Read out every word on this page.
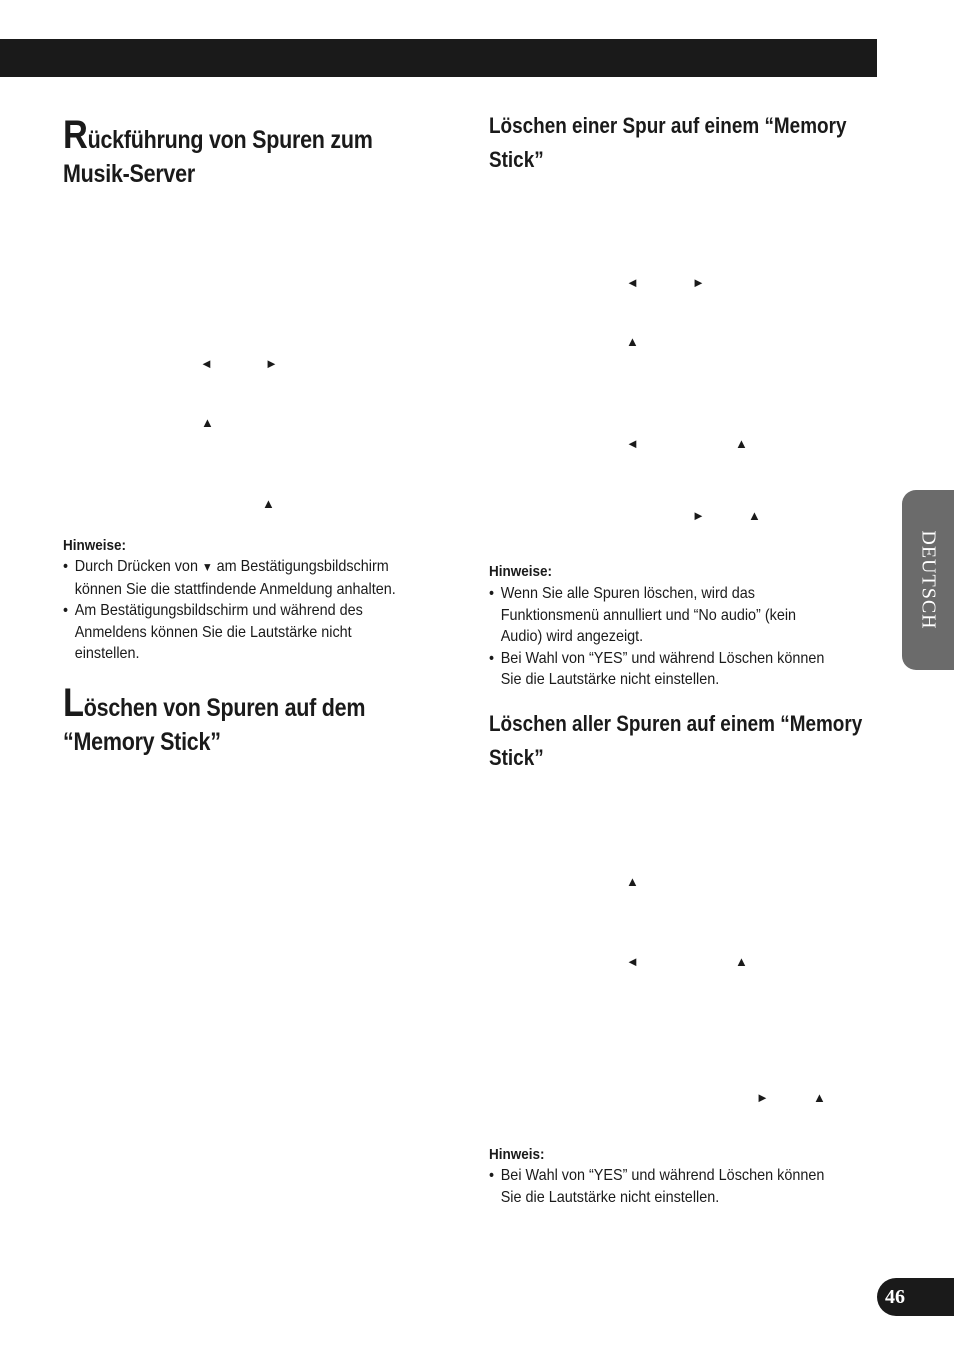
Rückführung von Spuren zum
Musik-Server
◄	►
▲
▲
Hinweise:
• Durch Drücken von ▼ am Bestätigungsbildschirm
können Sie die stattfindende Anmeldung anhalten.
• Am Bestätigungsbildschirm und während des
Anmeldens können Sie die Lautstärke nicht
einstellen.
Löschen von Spuren auf dem
“Memory Stick”
Löschen einer Spur auf einem “Memory
Stick”
◄	►
▲
◄	▲
►	▲
Hinweise:
• Wenn Sie alle Spuren löschen, wird das
Funktionsmenü annulliert und “No audio” (kein
Audio) wird angezeigt.
• Bei Wahl von “YES” und während Löschen können
Sie die Lautstärke nicht einstellen.
Löschen aller Spuren auf einem “Memory
Stick”
▲
◄	▲
►	▲
Hinweis:
• Bei Wahl von “YES” und während Löschen können
Sie die Lautstärke nicht einstellen.
DEUTSCH
46
